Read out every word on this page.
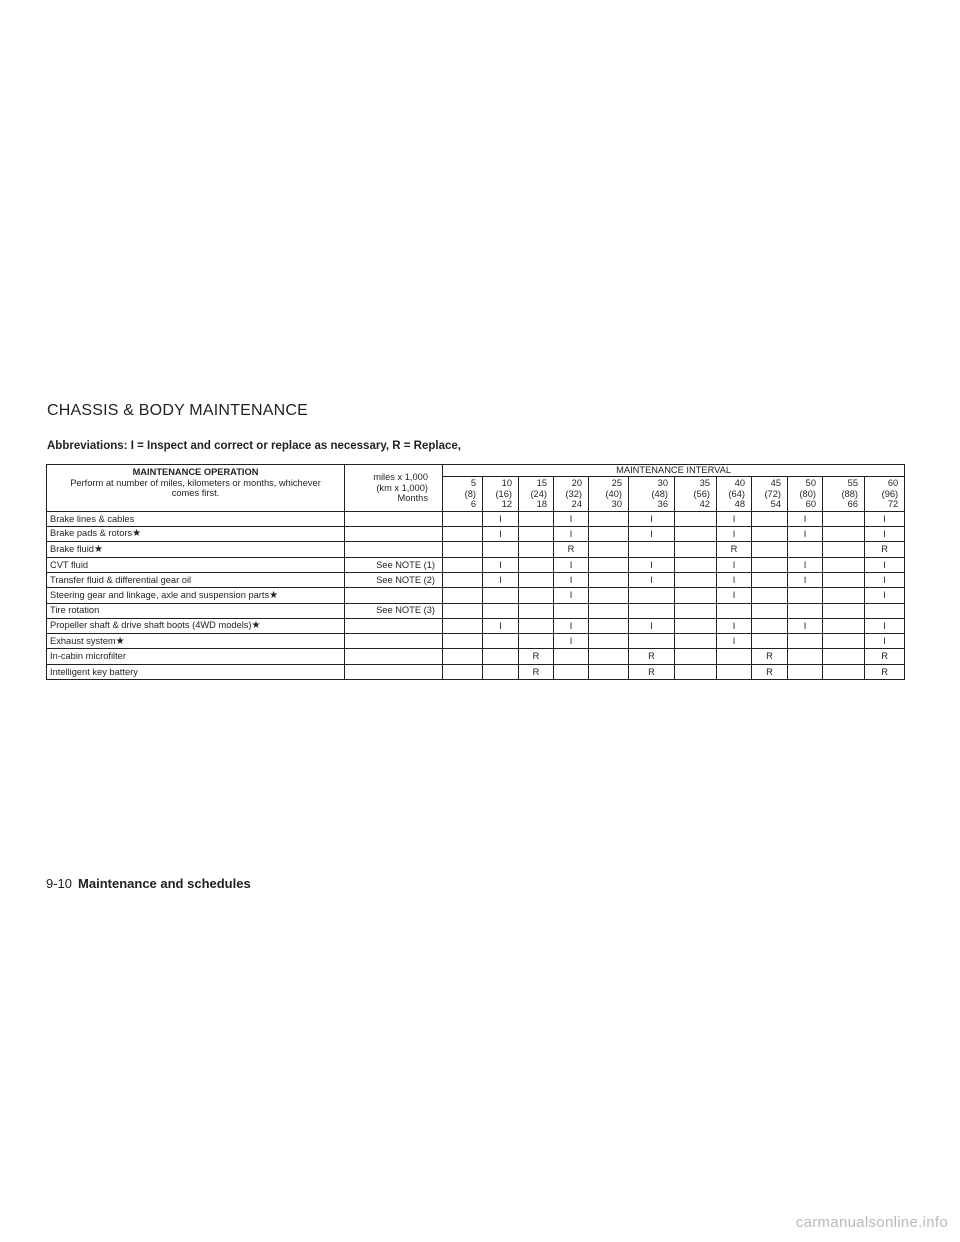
CHASSIS & BODY MAINTENANCE
Abbreviations: I = Inspect and correct or replace as necessary, R = Replace,
MAINTENANCE OPERATION
Perform at number of miles, kilometers or months, whichever comes first.	miles x 1,000
(km x 1,000)
Months	MAINTENANCE INTERVAL											

		5
(8)
6	10
(16)
12	15
(24)
18	20
(32)
24	25
(40)
30	30
(48)
36	35
(56)
42	40
(64)
48	45
(72)
54	50
(80)
60	55
(88)
66	60
(96)
72

Brake lines & cables			I		I		I		I		I		I
Brake pads & rotors★			I		I		I		I		I		I
Brake fluid★					R				R				R
CVT fluid	See NOTE (1)		I		I		I		I		I		I
Transfer fluid & differential gear oil	See NOTE (2)		I		I		I		I		I		I
Steering gear and linkage, axle and suspension parts★					I				I				I
Tire rotation	See NOTE (3)												
Propeller shaft & drive shaft boots (4WD models)★			I		I		I		I		I		I
Exhaust system★					I				I				I
In-cabin microfilter				R			R			R			R
Intelligent key battery				R			R			R			R
9-10 Maintenance and schedules
carmanualsonline.info
